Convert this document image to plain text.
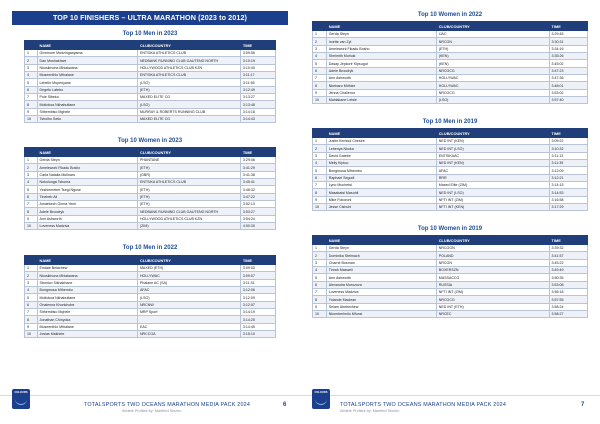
TOP 10 FINISHERS – ULTRA MARATHON (2023 to 2012)
Top 10 Men in 2023
	NAME	CLUB/COUNTRY	TIME
1	Givemore Mudzinganyama	ENTSIKA ATHLETICS CLUB	3:09:56
2	Dan Moshakhwe	NEDBANK RUNNING CLUB GAUTENG NORTH	3:10:19
3	Nkosikhona Mhlakwana	HOLLYWOOD ATHLETICS CLUB KZN	3:10:40
4	Moseenthlo Mthalane	ENTSIKA ATHLETICS CLUB	3:11:17
5	Lebello Mopenyane	(LSO)	3:11:55
6	Degefu Lafebo	(ETH)	3:12:49
7	Pule Sibeko	MAXED ELITE CG	3:13:27
8	Motlokoa Nkhabutlane	(LSO)	3:13:48
9	Sithembiso Mghele	MURRAY & ROBERTS RUNNING CLUB	3:14:16
10	Tsholho Setlo	MAXED ELITE CG	3:14:43
Top 10 Women in 2023
	NAME	CLUB/COUNTRY	TIME
1	Gerda Steyn	PHANTANE	3:29:06
2	Amelework Fikadu Bosho	(ETH)	3:41:29
3	Carla Natalia Molinaro	(GBR)	3:41:38
4	Nokulunga Tshuma	ENTSIKA ATHLETICS CLUB	3:45:41
5	Yeshiemebet Tsegi Nguse	(ETH)	3:46:32
6	Tinebeb Ali	(ETH)	3:47:22
7	Amaekech Girma Yemi	(ETH)	3:52:13
8	Adele Broodryk	NEDBANK RUNNING CLUB GAUTENG NORTH	3:53:27
9	Ann Ashworth	HOLLYWOOD ATHLETICS CLUB KZN	3:54:24
10	Loveness Madziva	(ZIM)	4:00:30
Top 10 Men in 2022
	NAME	CLUB/COUNTRY	TIME
1	Endale Belachew	MAXED (ETH)	3:09:03
2	Nkosikhona Mhlakwana	HOLLYWAC	3:09:07
3	Sbonico Sikhakhane	Phalane AC (SA)	3:11:31
4	Bongmusa Mthembu	AFAC	3:12:06
5	Motlokoa Nkhabutlane	(LSO)	3:12:09
6	Onalenna Khonkhobe	NRCNW	3:12:57
7	Sithembiso Mqhele	MRP Sport	3:14:19
8	Jonathan Chinyoka		3:14:25
9	Moseenthlo Mthalane	EAC	3:14:45
10	Josias Makhele	NRCCGA	3:15:10
COLOURS
TOTALSPORTS TWO OCEANS MARATHON MEDIA PACK 2024
Athlete Profiles by: Manfred Sinzhu
6
Top 10 Women in 2022
	NAME	CLUB/COUNTRY	TIME
1	Gerda Steyn	IJAC	3:29:45
2	Irvette van Zyl	NRCGN	3:30:31
3	Amelework Fikadu Bosho	(ETH)	3:34:16
4	Shelmith Muriuki	(KEN)	3:35:26
5	Dasay Jepkorir Kipsugut	(KEN)	3:45:02
6	Adele Broodryk	NRCGCG	3:47:23
7	Ann Ashworth	HOLLYWAC	3:47:36
8	Nkekazo Mdhize	HOLLYWAC	3:48:01
9	Jenna Challenor	NRCGCG	3:53:02
10	Mahlakane Letsie	(LSO)	3:57:40
Top 10 Men in 2019
	NAME	CLUB/COUNTRY	TIME
1	Justin Kemboi Chesire	NED INT (KEN)	3:09:22
2	Lebenya Nkoka	NED INT (LSO)	3:10:32
3	David Gatebe	ENTSIKAAC	3:11:13
4	Melly Kiptoo	NED INT (KEN)	3:11:39
5	Bongmusa Mthembu	AFAC	3:12:09
6	Raphael Segodi	RRR	3:12:21
7	Lyno Muchetsi	Maxed Elite (ZIM)	3:14:15
8	Masakatsi Masuhli	NED INT (LSO)	3:14:53
9	Mike Fokoroni	NFTI INT (ZIM)	3:16:58
10	Jesse Cishuhi	NFTI INT (KEN)	3:17:29
Top 10 Women in 2019
	NAME	CLUB/COUNTRY	TIME
1	Gerda Steyn	NRCGGN	3:39:32
2	Dominika Stelmach	POLAND	3:41:57
3	Charné Bosman	NRCGN	3:45:22
4	Tinrah Maswell	BOXERSZN	3:49:49
5	Ann Ashworth	MASSACCG	3:50:35
6	Alexandra Morozova	RUSSIA	3:53:08
7	Loveness Madziva	NFTI INT (ZIM)	3:56:18
8	Yolande Maclean	NRCGCG	3:57:55
9	Selam Abebechew	NED INT (ETH)	3:58:24
10	Nkomberimilo Mfunzi	NRCEC	3:58:27
COLOURS
TOTALSPORTS TWO OCEANS MARATHON MEDIA PACK 2024
Athlete Profiles by: Manfred Sinzhu
7
